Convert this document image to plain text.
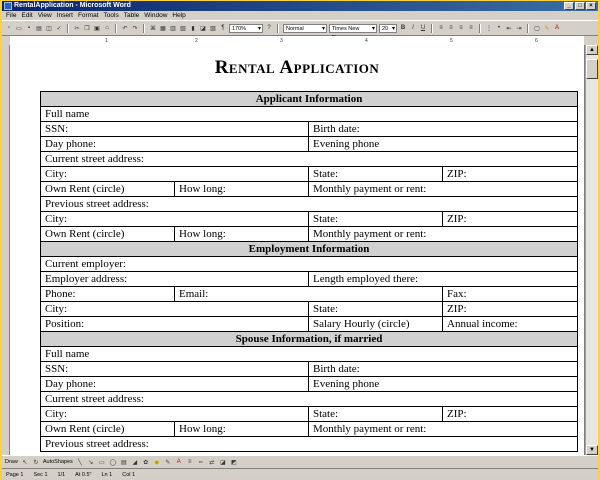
RentalApplication - Microsoft Word	_	□	×
File Edit View Insert Format Tools Table Window Help
▫	▭	▪	▤ ◫ ✓ ✂ ❐ ▣ ⌂	↶ ↷ ⌘ ▦ ▥ ▧ ▮ ◪ ▨ ¶	170% ▾	?	Normal ▾	Times New ▾	20 ▾	B	I	U	≡	≡	≡	≡	⋮ •	⇤ ⇥ ▢ ✎ A
1	2	3	4	5	6
Rental Application
Applicant Information			
Full name			
SSN:		Birth date:	
Day phone:		Evening phone	
Current street address:			
City:		State:	ZIP:
Own Rent (circle)	How long:	Monthly payment or rent:	
Previous street address:			
City:		State:	ZIP:
Own Rent (circle)	How long:	Monthly payment or rent:	
Employment Information			
Current employer:			
Employer address:		Length employed there:	
Phone:	Email:		Fax:
City:		State:	ZIP:
Position:		Salary Hourly (circle)	Annual income:
Spouse Information, if married			
Full name			
SSN:		Birth date:	
Day phone:		Evening phone	
Current street address:			
City:		State:	ZIP:
Own Rent (circle)	How long:	Monthly payment or rent:	
Previous street address:			
▲
▼
Draw ↖ ↻ AutoShapes ╲	↘ ▭ ◯ ▤ ◢ ✿ ◆ ✎	A	≡	┅	⇄ ◪ ◩
Page 1 Sec 1 1/1 At 0.5" Ln 1 Col 1
